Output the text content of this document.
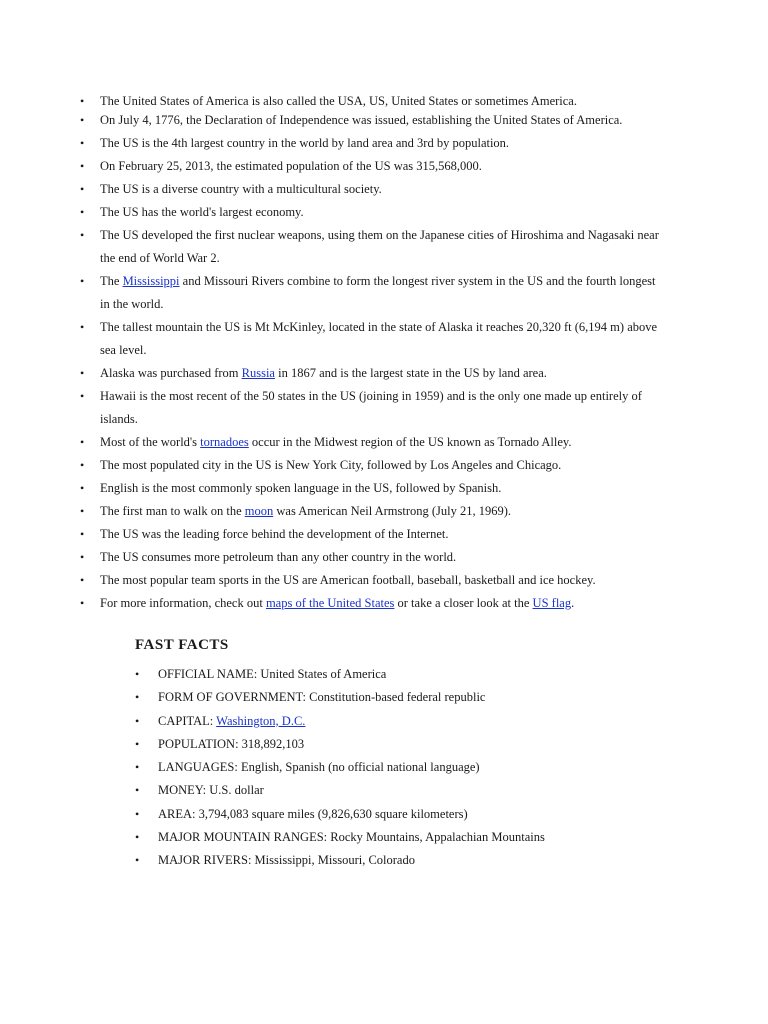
•	The United States of America is also called the USA, US, United States or sometimes America.
•	On July 4, 1776, the Declaration of Independence was issued, establishing the United States of America.
•	The US is the 4th largest country in the world by land area and 3rd by population.
•	On February 25, 2013, the estimated population of the US was 315,568,000.
•	The US is a diverse country with a multicultural society.
•	The US has the world's largest economy.
•	The US developed the first nuclear weapons, using them on the Japanese cities of Hiroshima and Nagasaki near the end of World War 2.
•	The Mississippi and Missouri Rivers combine to form the longest river system in the US and the fourth longest in the world.
•	The tallest mountain the US is Mt McKinley, located in the state of Alaska it reaches 20,320 ft (6,194 m) above sea level.
•	Alaska was purchased from Russia in 1867 and is the largest state in the US by land area.
•	Hawaii is the most recent of the 50 states in the US (joining in 1959) and is the only one made up entirely of islands.
•	Most of the world's tornadoes occur in the Midwest region of the US known as Tornado Alley.
•	The most populated city in the US is New York City, followed by Los Angeles and Chicago.
•	English is the most commonly spoken language in the US, followed by Spanish.
•	The first man to walk on the moon was American Neil Armstrong (July 21, 1969).
•	The US was the leading force behind the development of the Internet.
•	The US consumes more petroleum than any other country in the world.
•	The most popular team sports in the US are American football, baseball, basketball and ice hockey.
•	For more information, check out maps of the United States or take a closer look at the US flag.
FAST FACTS
•	OFFICIAL NAME: United States of America
•	FORM OF GOVERNMENT: Constitution-based federal republic
•	CAPITAL: Washington, D.C.
•	POPULATION: 318,892,103
•	LANGUAGES: English, Spanish (no official national language)
•	MONEY: U.S. dollar
•	AREA: 3,794,083 square miles (9,826,630 square kilometers)
•	MAJOR MOUNTAIN RANGES: Rocky Mountains, Appalachian Mountains
•	MAJOR RIVERS: Mississippi, Missouri, Colorado
